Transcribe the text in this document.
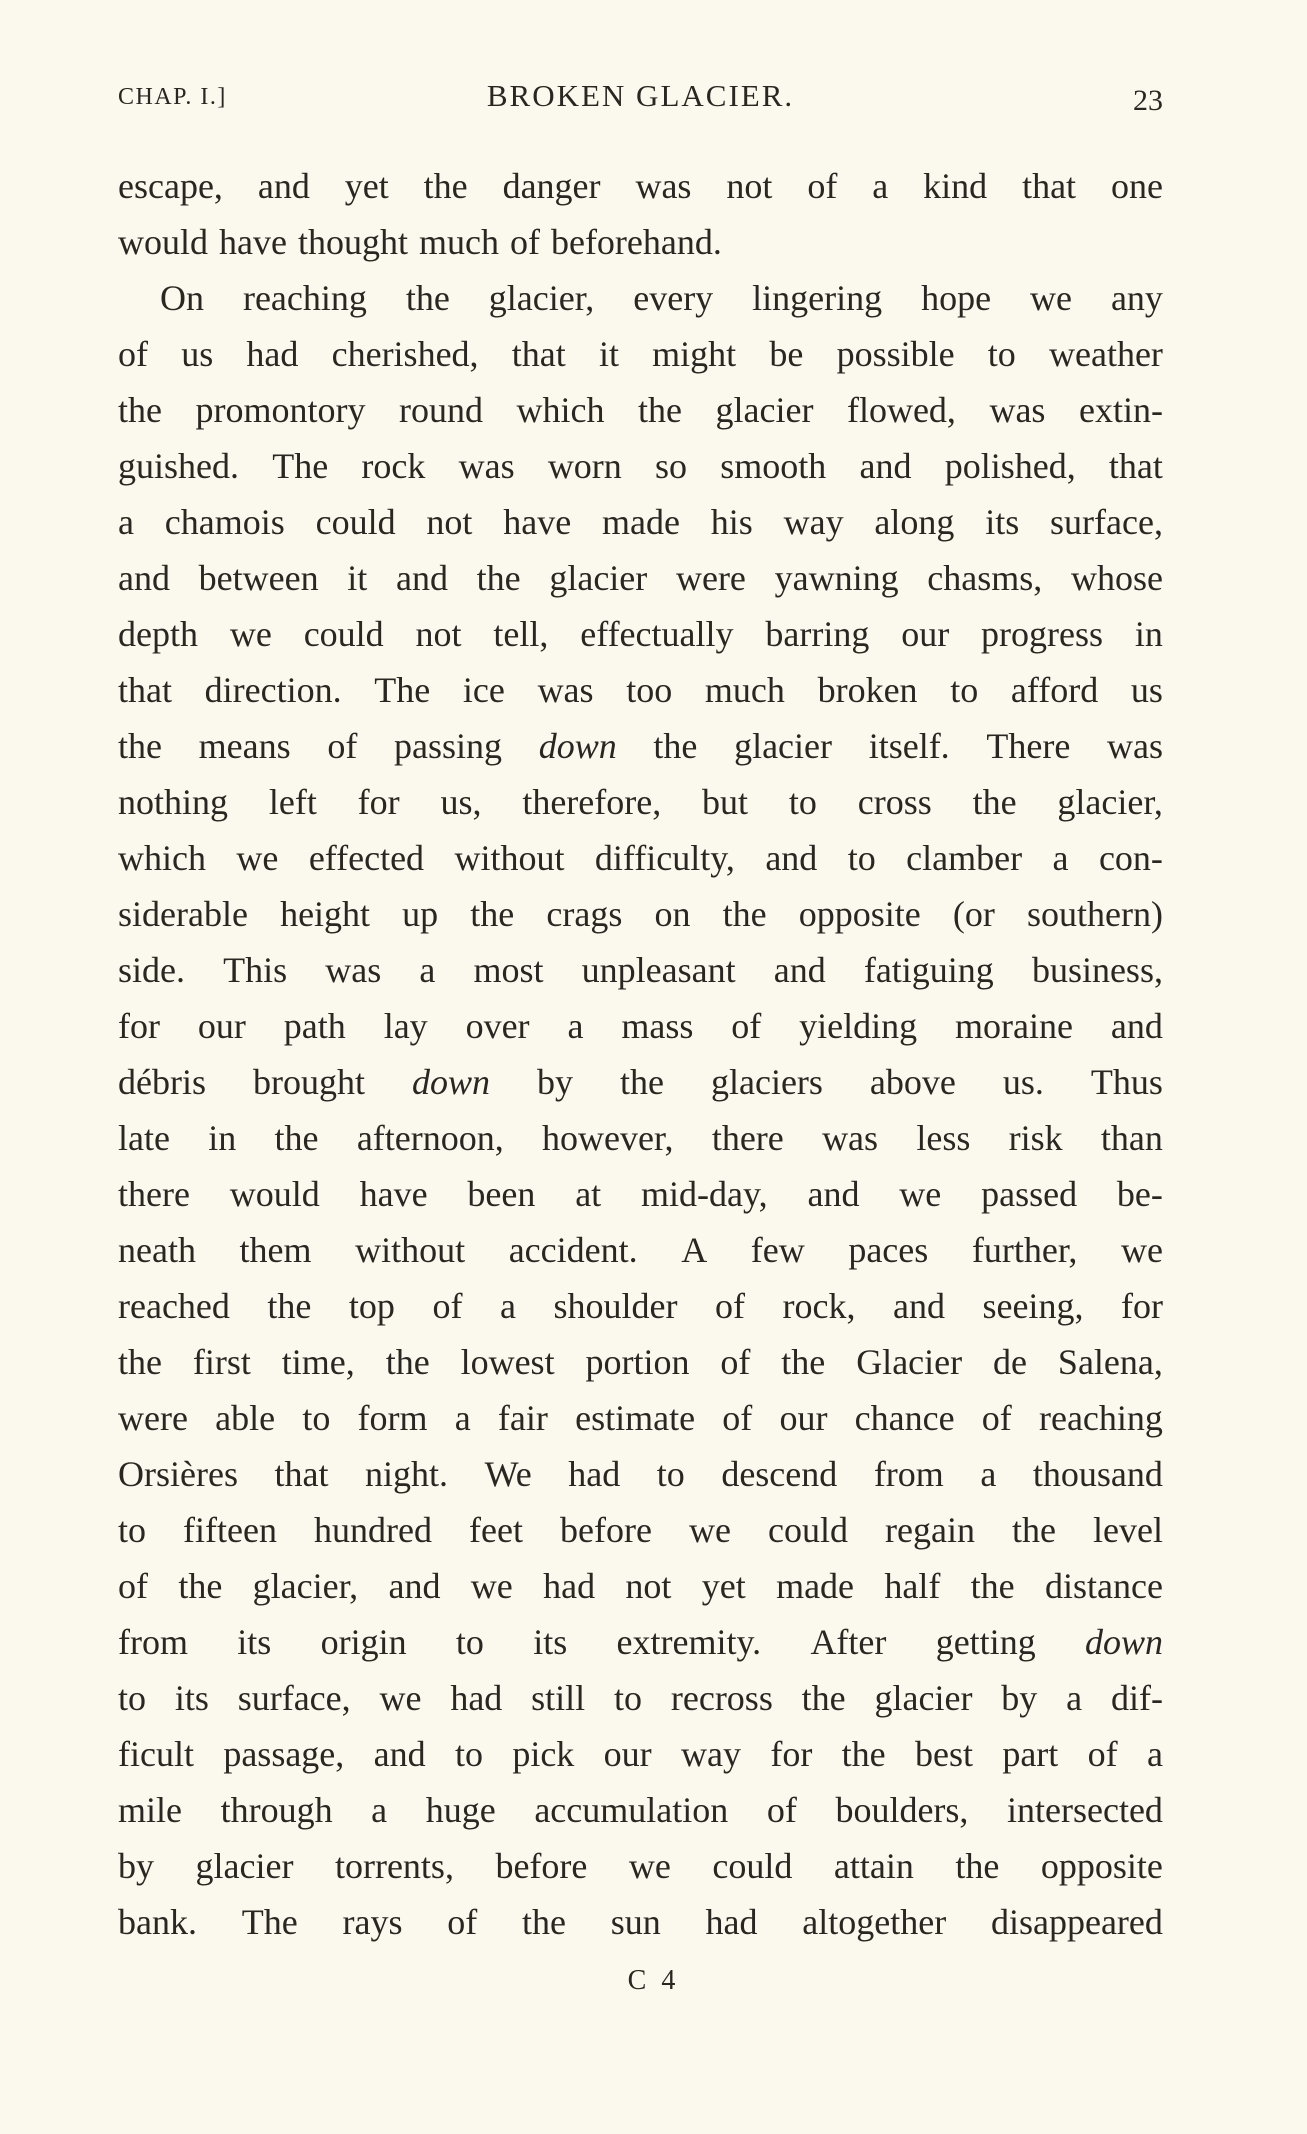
CHAP. I.]	BROKEN GLACIER.	23
escape, and yet the danger was not of a kind that one
would have thought much of beforehand.
On reaching the glacier, every lingering hope we any
of us had cherished, that it might be possible to weather
the promontory round which the glacier flowed, was extin-
guished. The rock was worn so smooth and polished, that
a chamois could not have made his way along its surface,
and between it and the glacier were yawning chasms, whose
depth we could not tell, effectually barring our progress in
that direction. The ice was too much broken to afford us
the means of passing down the glacier itself. There was
nothing left for us, therefore, but to cross the glacier,
which we effected without difficulty, and to clamber a con-
siderable height up the crags on the opposite (or southern)
side. This was a most unpleasant and fatiguing business,
for our path lay over a mass of yielding moraine and
débris brought down by the glaciers above us. Thus
late in the afternoon, however, there was less risk than
there would have been at mid-day, and we passed be-
neath them without accident. A few paces further, we
reached the top of a shoulder of rock, and seeing, for
the first time, the lowest portion of the Glacier de Salena,
were able to form a fair estimate of our chance of reaching
Orsières that night. We had to descend from a thousand
to fifteen hundred feet before we could regain the level
of the glacier, and we had not yet made half the distance
from its origin to its extremity. After getting down
to its surface, we had still to recross the glacier by a dif-
ficult passage, and to pick our way for the best part of a
mile through a huge accumulation of boulders, intersected
by glacier torrents, before we could attain the opposite
bank. The rays of the sun had altogether disappeared
C 4
